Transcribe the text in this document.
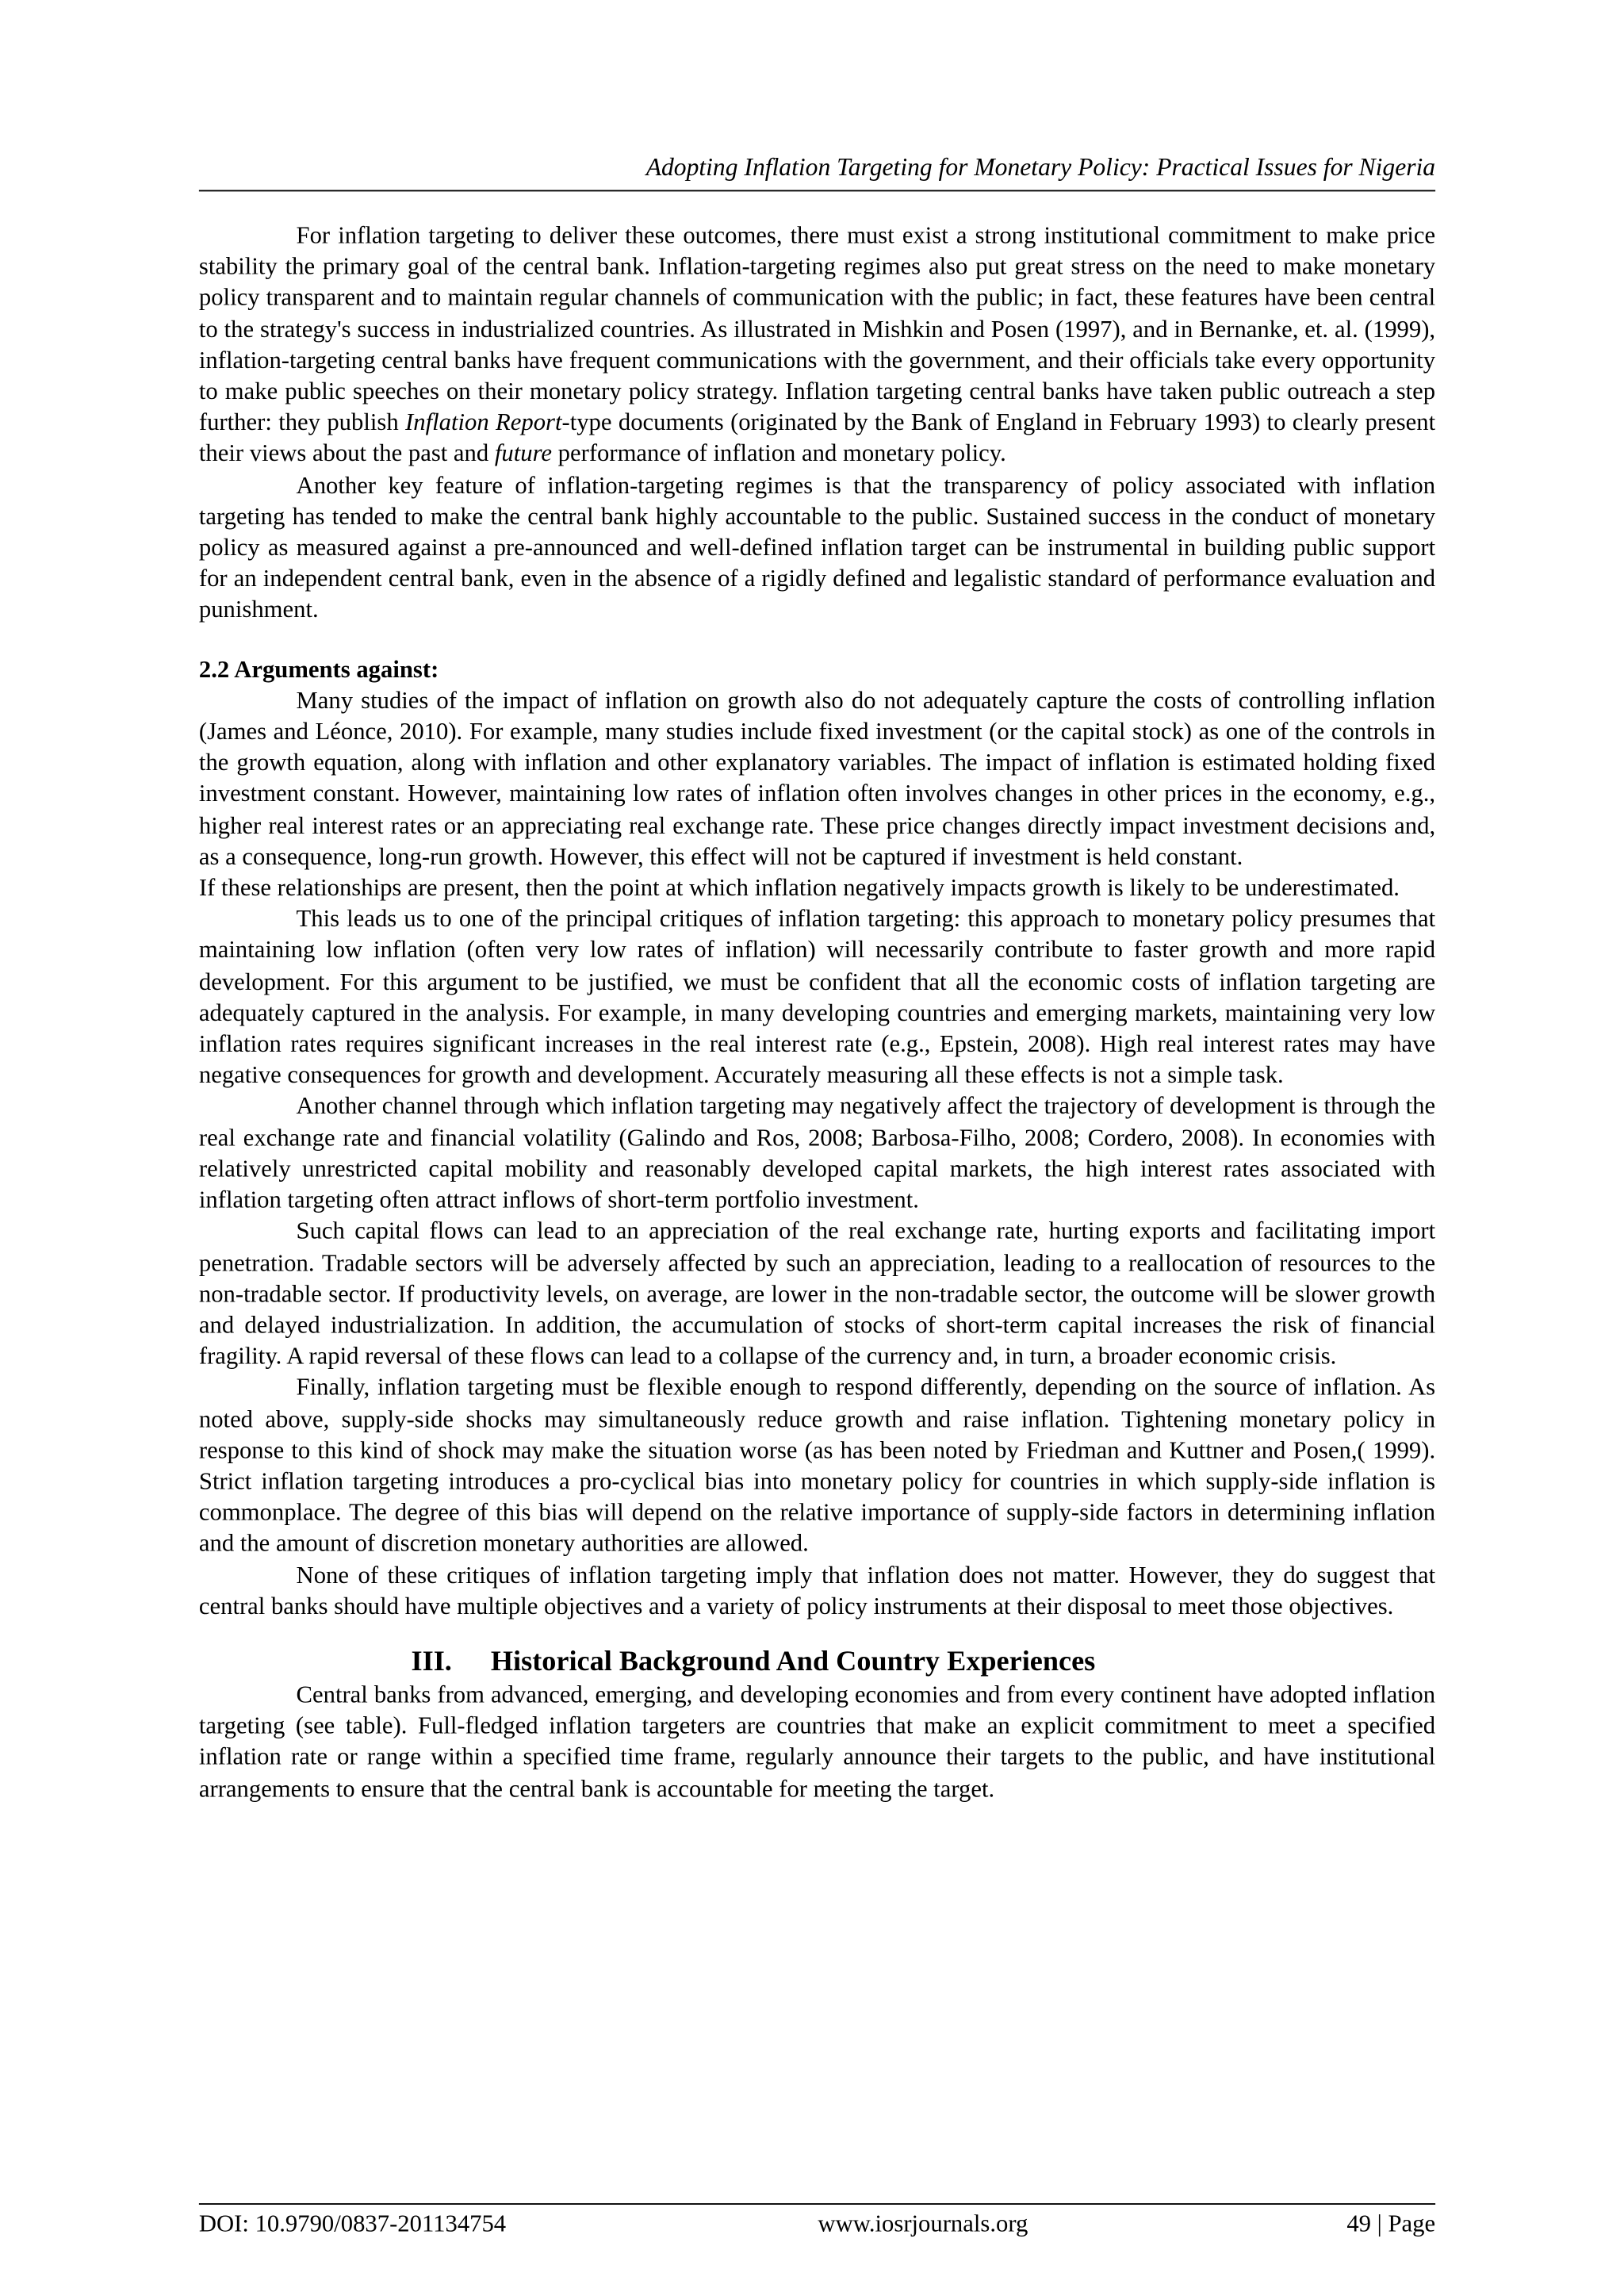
Adopting Inflation Targeting for Monetary Policy: Practical Issues for Nigeria

For inflation targeting to deliver these outcomes, there must exist a strong institutional commitment to make price stability the primary goal of the central bank. Inflation-targeting regimes also put great stress on the need to make monetary policy transparent and to maintain regular channels of communication with the public; in fact, these features have been central to the strategy's success in industrialized countries. As illustrated in Mishkin and Posen (1997), and in Bernanke, et. al. (1999), inflation-targeting central banks have frequent communications with the government, and their officials take every opportunity to make public speeches on their monetary policy strategy. Inflation targeting central banks have taken public outreach a step further: they publish Inflation Report-type documents (originated by the Bank of England in February 1993) to clearly present their views about the past and future performance of inflation and monetary policy.

Another key feature of inflation-targeting regimes is that the transparency of policy associated with inflation targeting has tended to make the central bank highly accountable to the public. Sustained success in the conduct of monetary policy as measured against a pre-announced and well-defined inflation target can be instrumental in building public support for an independent central bank, even in the absence of a rigidly defined and legalistic standard of performance evaluation and punishment.

2.2 Arguments against:

Many studies of the impact of inflation on growth also do not adequately capture the costs of controlling inflation (James and Léonce, 2010). For example, many studies include fixed investment (or the capital stock) as one of the controls in the growth equation, along with inflation and other explanatory variables. The impact of inflation is estimated holding fixed investment constant. However, maintaining low rates of inflation often involves changes in other prices in the economy, e.g., higher real interest rates or an appreciating real exchange rate. These price changes directly impact investment decisions and, as a consequence, long-run growth. However, this effect will not be captured if investment is held constant.

If these relationships are present, then the point at which inflation negatively impacts growth is likely to be underestimated.

This leads us to one of the principal critiques of inflation targeting: this approach to monetary policy presumes that maintaining low inflation (often very low rates of inflation) will necessarily contribute to faster growth and more rapid development. For this argument to be justified, we must be confident that all the economic costs of inflation targeting are adequately captured in the analysis. For example, in many developing countries and emerging markets, maintaining very low inflation rates requires significant increases in the real interest rate (e.g., Epstein, 2008). High real interest rates may have negative consequences for growth and development. Accurately measuring all these effects is not a simple task.

Another channel through which inflation targeting may negatively affect the trajectory of development is through the real exchange rate and financial volatility (Galindo and Ros, 2008; Barbosa-Filho, 2008; Cordero, 2008). In economies with relatively unrestricted capital mobility and reasonably developed capital markets, the high interest rates associated with inflation targeting often attract inflows of short-term portfolio investment.

Such capital flows can lead to an appreciation of the real exchange rate, hurting exports and facilitating import penetration. Tradable sectors will be adversely affected by such an appreciation, leading to a reallocation of resources to the non-tradable sector. If productivity levels, on average, are lower in the non-tradable sector, the outcome will be slower growth and delayed industrialization. In addition, the accumulation of stocks of short-term capital increases the risk of financial fragility. A rapid reversal of these flows can lead to a collapse of the currency and, in turn, a broader economic crisis.

Finally, inflation targeting must be flexible enough to respond differently, depending on the source of inflation. As noted above, supply-side shocks may simultaneously reduce growth and raise inflation. Tightening monetary policy in response to this kind of shock may make the situation worse (as has been noted by Friedman and Kuttner and Posen,( 1999). Strict inflation targeting introduces a pro-cyclical bias into monetary policy for countries in which supply-side inflation is commonplace. The degree of this bias will depend on the relative importance of supply-side factors in determining inflation and the amount of discretion monetary authorities are allowed.

None of these critiques of inflation targeting imply that inflation does not matter. However, they do suggest that central banks should have multiple objectives and a variety of policy instruments at their disposal to meet those objectives.

III.	Historical Background And Country Experiences

Central banks from advanced, emerging, and developing economies and from every continent have adopted inflation targeting (see table). Full-fledged inflation targeters are countries that make an explicit commitment to meet a specified inflation rate or range within a specified time frame, regularly announce their targets to the public, and have institutional arrangements to ensure that the central bank is accountable for meeting the target.

DOI: 10.9790/0837-201134754	www.iosrjournals.org	49 | Page
